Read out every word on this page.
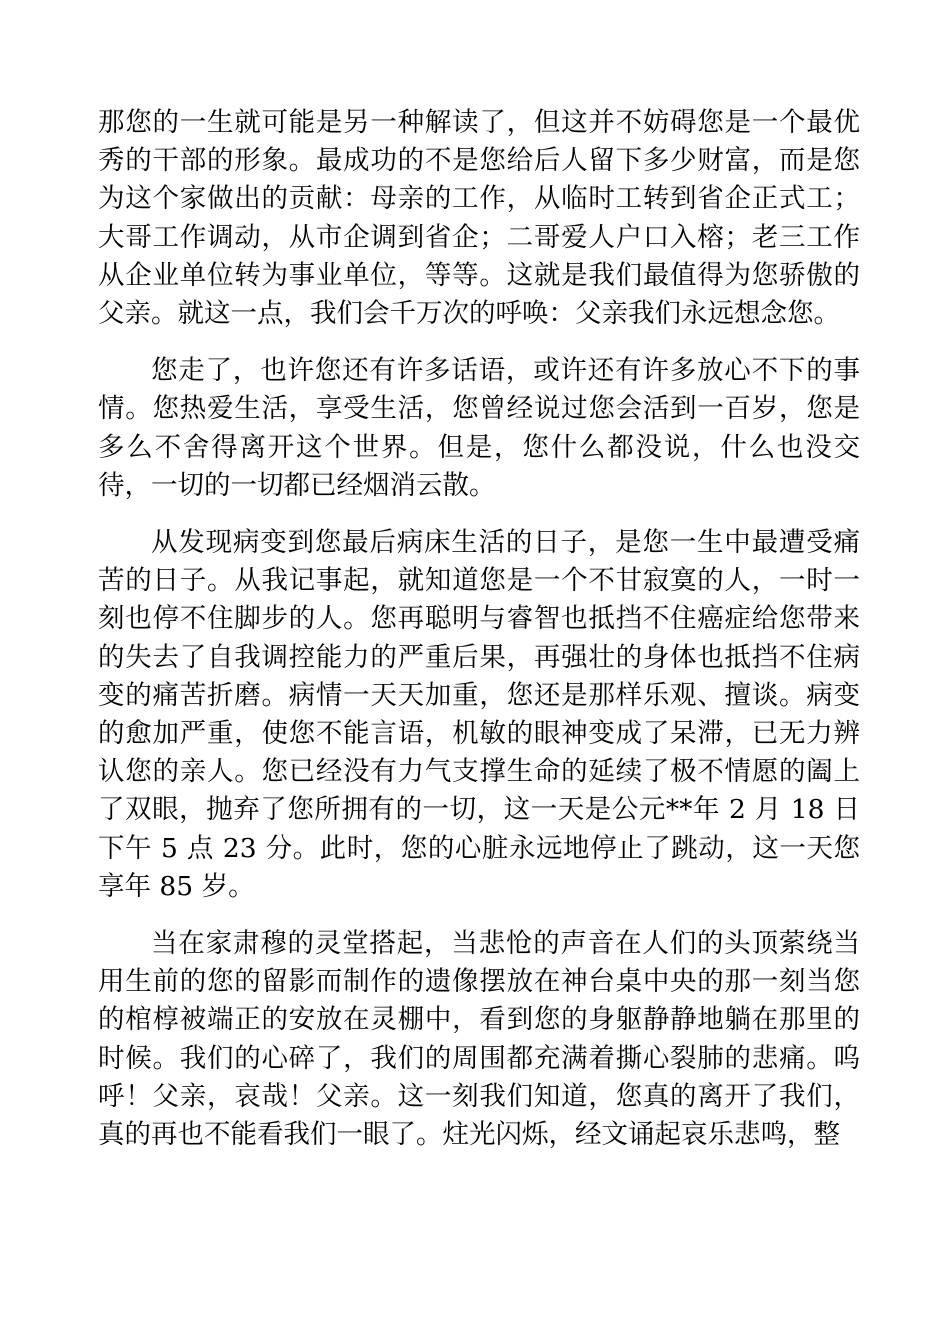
那您的一生就可能是另一种解读了，但这并不妨碍您是一个最优秀的干部的形象。最成功的不是您给后人留下多少财富，而是您为这个家做出的贡献：母亲的工作，从临时工转到省企正式工；大哥工作调动，从市企调到省企；二哥爱人户口入榕；老三工作从企业单位转为事业单位，等等。这就是我们最值得为您骄傲的父亲。就这一点，我们会千万次的呼唤：父亲我们永远想念您。

您走了，也许您还有许多话语，或许还有许多放心不下的事情。您热爱生活，享受生活，您曾经说过您会活到一百岁，您是多么不舍得离开这个世界。但是，您什么都没说，什么也没交待，一切的一切都已经烟消云散。

从发现病变到您最后病床生活的日子，是您一生中最遭受痛苦的日子。从我记事起，就知道您是一个不甘寂寞的人，一时一刻也停不住脚步的人。您再聪明与睿智也抵挡不住癌症给您带来的失去了自我调控能力的严重后果，再强壮的身体也抵挡不住病变的痛苦折磨。病情一天天加重，您还是那样乐观、擅谈。病变的愈加严重，使您不能言语，机敏的眼神变成了呆滞，已无力辨认您的亲人。您已经没有力气支撑生命的延续了极不情愿的阖上了双眼，抛弃了您所拥有的一切，这一天是公元**年 2 月 18 日下午 5 点 23 分。此时，您的心脏永远地停止了跳动，这一天您享年 85 岁。

当在家肃穆的灵堂搭起，当悲怆的声音在人们的头顶萦绕当用生前的您的留影而制作的遗像摆放在神台桌中央的那一刻当您的棺椁被端正的安放在灵棚中，看到您的身躯静静地躺在那里的时候。我们的心碎了，我们的周围都充满着撕心裂肺的悲痛。呜呼！父亲，哀哉！父亲。这一刻我们知道，您真的离开了我们，真的再也不能看我们一眼了。炷光闪烁，经文诵起哀乐悲鸣，整
